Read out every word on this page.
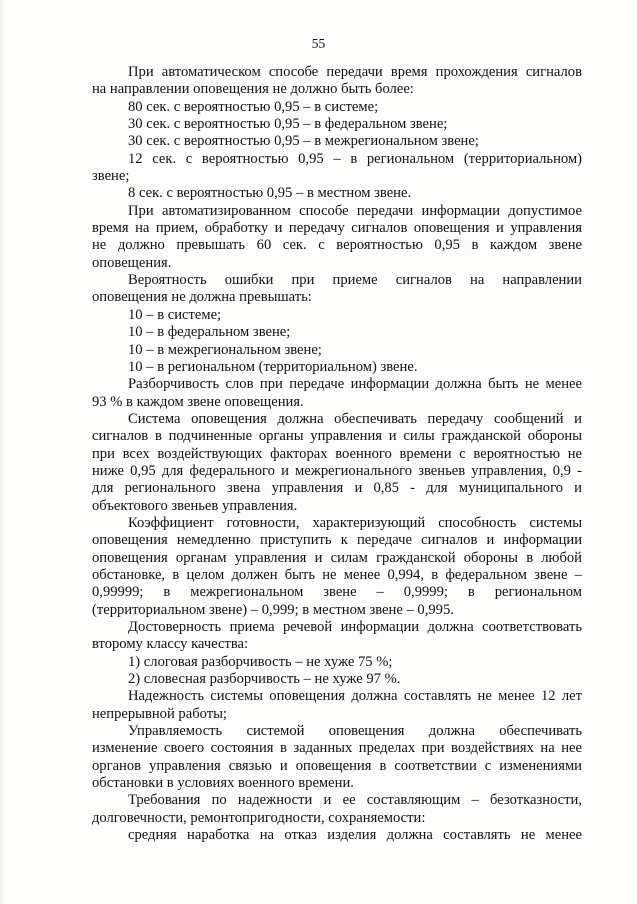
55
При автоматическом способе передачи время прохождения сигналов
на направлении оповещения не должно быть более:
80 сек. с вероятностью 0,95 – в системе;
30 сек. с вероятностью 0,95 – в федеральном звене;
30 сек. с вероятностью 0,95 – в межрегиональном звене;
12 сек. с вероятностью 0,95 – в региональном (территориальном)
звене;
8 сек. с вероятностью 0,95 – в местном звене.
При автоматизированном способе передачи информации допустимое
время на прием, обработку и передачу сигналов оповещения и управления
не должно превышать 60 сек. с вероятностью 0,95 в каждом звене
оповещения.
Вероятность ошибки при приеме сигналов на направлении
оповещения не должна превышать:
10 – в системе;
10 – в федеральном звене;
10 – в межрегиональном звене;
10 – в региональном (территориальном) звене.
Разборчивость слов при передаче информации должна быть не менее
93 % в каждом звене оповещения.
Система оповещения должна обеспечивать передачу сообщений и
сигналов в подчиненные органы управления и силы гражданской обороны
при всех воздействующих факторах военного времени с вероятностью не
ниже 0,95 для федерального и межрегионального звеньев управления, 0,9 -
для регионального звена управления и 0,85 - для муниципального и
объектового звеньев управления.
Коэффициент готовности, характеризующий способность системы
оповещения немедленно приступить к передаче сигналов и информации
оповещения органам управления и силам гражданской обороны в любой
обстановке, в целом должен быть не менее 0,994, в федеральном звене –
0,99999; в межрегиональном звене – 0,9999; в региональном
(территориальном звене) – 0,999; в местном звене – 0,995.
Достоверность приема речевой информации должна соответствовать
второму классу качества:
1) слоговая разборчивость – не хуже 75 %;
2) словесная разборчивость – не хуже 97 %.
Надежность системы оповещения должна составлять не менее 12 лет
непрерывной работы;
Управляемость системой оповещения должна обеспечивать
изменение своего состояния в заданных пределах при воздействиях на нее
органов управления связью и оповещения в соответствии с изменениями
обстановки в условиях военного времени.
Требования по надежности и ее составляющим – безотказности,
долговечности, ремонтопригодности, сохраняемости:
средняя наработка на отказ изделия должна составлять не менее
